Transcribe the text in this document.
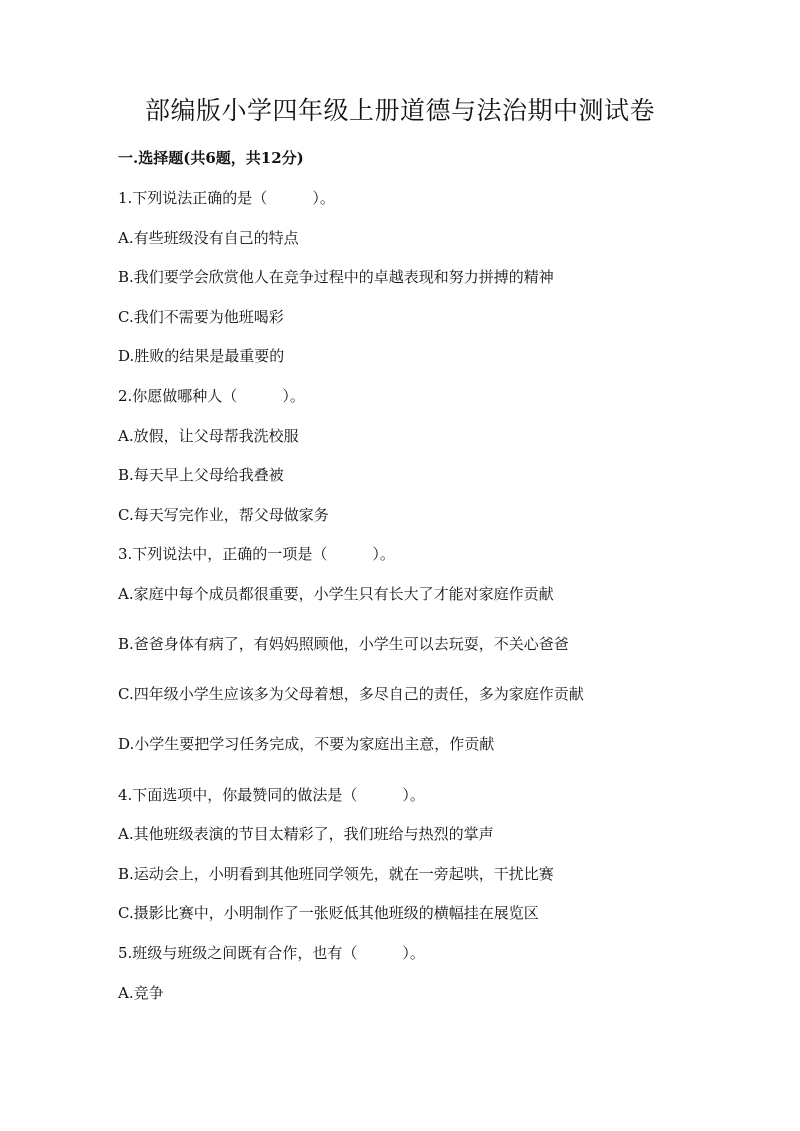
部编版小学四年级上册道德与法治期中测试卷
一.选择题(共6题，共12分)
1.下列说法正确的是（　　　）。
A.有些班级没有自己的特点
B.我们要学会欣赏他人在竞争过程中的卓越表现和努力拼搏的精神
C.我们不需要为他班喝彩
D.胜败的结果是最重要的
2.你愿做哪种人（　　　）。
A.放假，让父母帮我洗校服
B.每天早上父母给我叠被
C.每天写完作业，帮父母做家务
3.下列说法中，正确的一项是（　　　）。
A.家庭中每个成员都很重要，小学生只有长大了才能对家庭作贡献
B.爸爸身体有病了，有妈妈照顾他，小学生可以去玩耍，不关心爸爸
C.四年级小学生应该多为父母着想，多尽自己的责任，多为家庭作贡献
D.小学生要把学习任务完成，不要为家庭出主意，作贡献
4.下面选项中，你最赞同的做法是（　　　）。
A.其他班级表演的节目太精彩了，我们班给与热烈的掌声
B.运动会上，小明看到其他班同学领先，就在一旁起哄，干扰比赛
C.摄影比赛中，小明制作了一张贬低其他班级的横幅挂在展览区
5.班级与班级之间既有合作，也有（　　　）。
A.竞争
